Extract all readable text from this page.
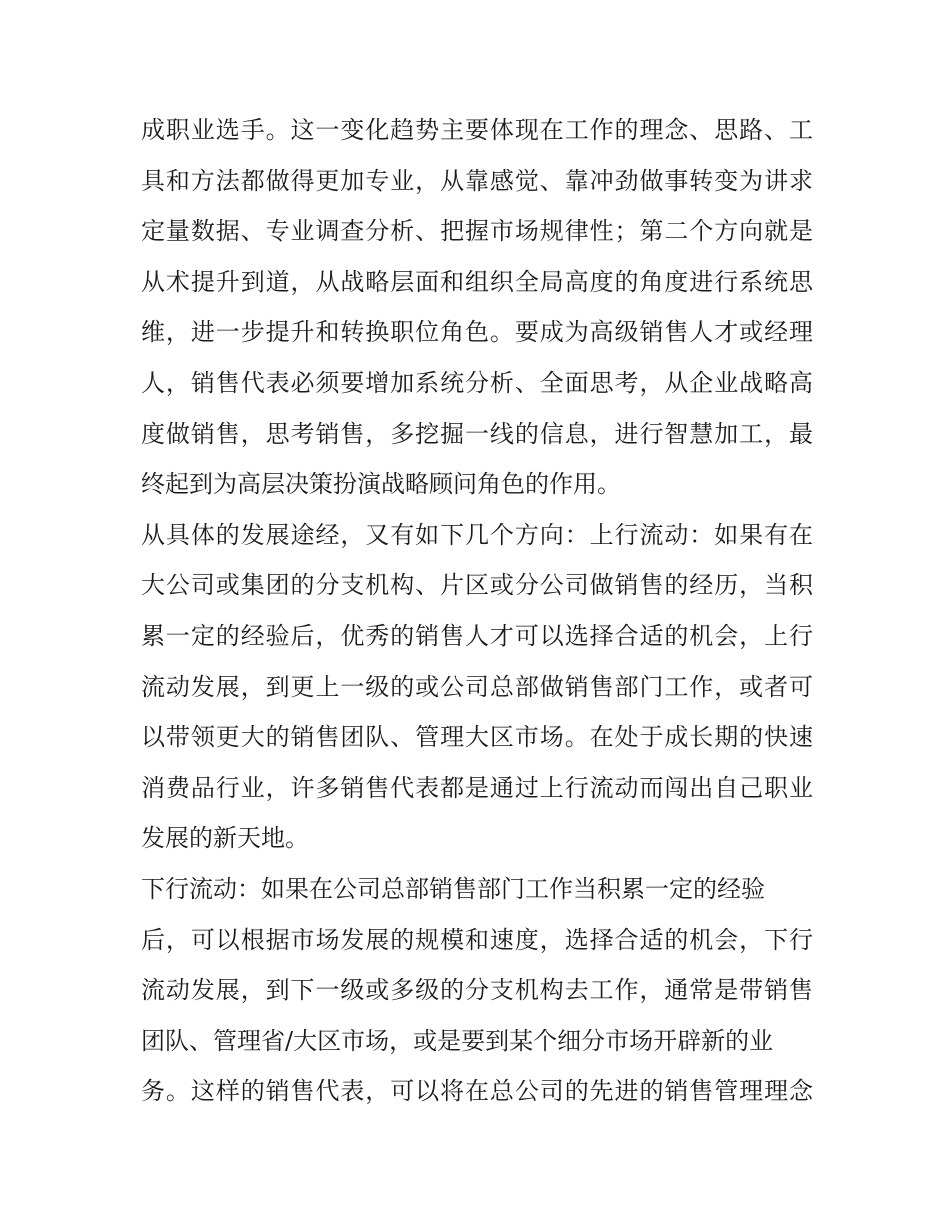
成职业选手。这一变化趋势主要体现在工作的理念、思路、工
具和方法都做得更加专业，从靠感觉、靠冲劲做事转变为讲求
定量数据、专业调查分析、把握市场规律性；第二个方向就是
从术提升到道，从战略层面和组织全局高度的角度进行系统思
维，进一步提升和转换职位角色。要成为高级销售人才或经理
人，销售代表必须要增加系统分析、全面思考，从企业战略高
度做销售，思考销售，多挖掘一线的信息，进行智慧加工，最
终起到为高层决策扮演战略顾问角色的作用。
从具体的发展途经，又有如下几个方向：上行流动：如果有在
大公司或集团的分支机构、片区或分公司做销售的经历，当积
累一定的经验后，优秀的销售人才可以选择合适的机会，上行
流动发展，到更上一级的或公司总部做销售部门工作，或者可
以带领更大的销售团队、管理大区市场。在处于成长期的快速
消费品行业，许多销售代表都是通过上行流动而闯出自己职业
发展的新天地。
下行流动：如果在公司总部销售部门工作当积累一定的经验
后，可以根据市场发展的规模和速度，选择合适的机会，下行
流动发展，到下一级或多级的分支机构去工作，通常是带销售
团队、管理省/大区市场，或是要到某个细分市场开辟新的业
务。这样的销售代表，可以将在总公司的先进的销售管理理念
